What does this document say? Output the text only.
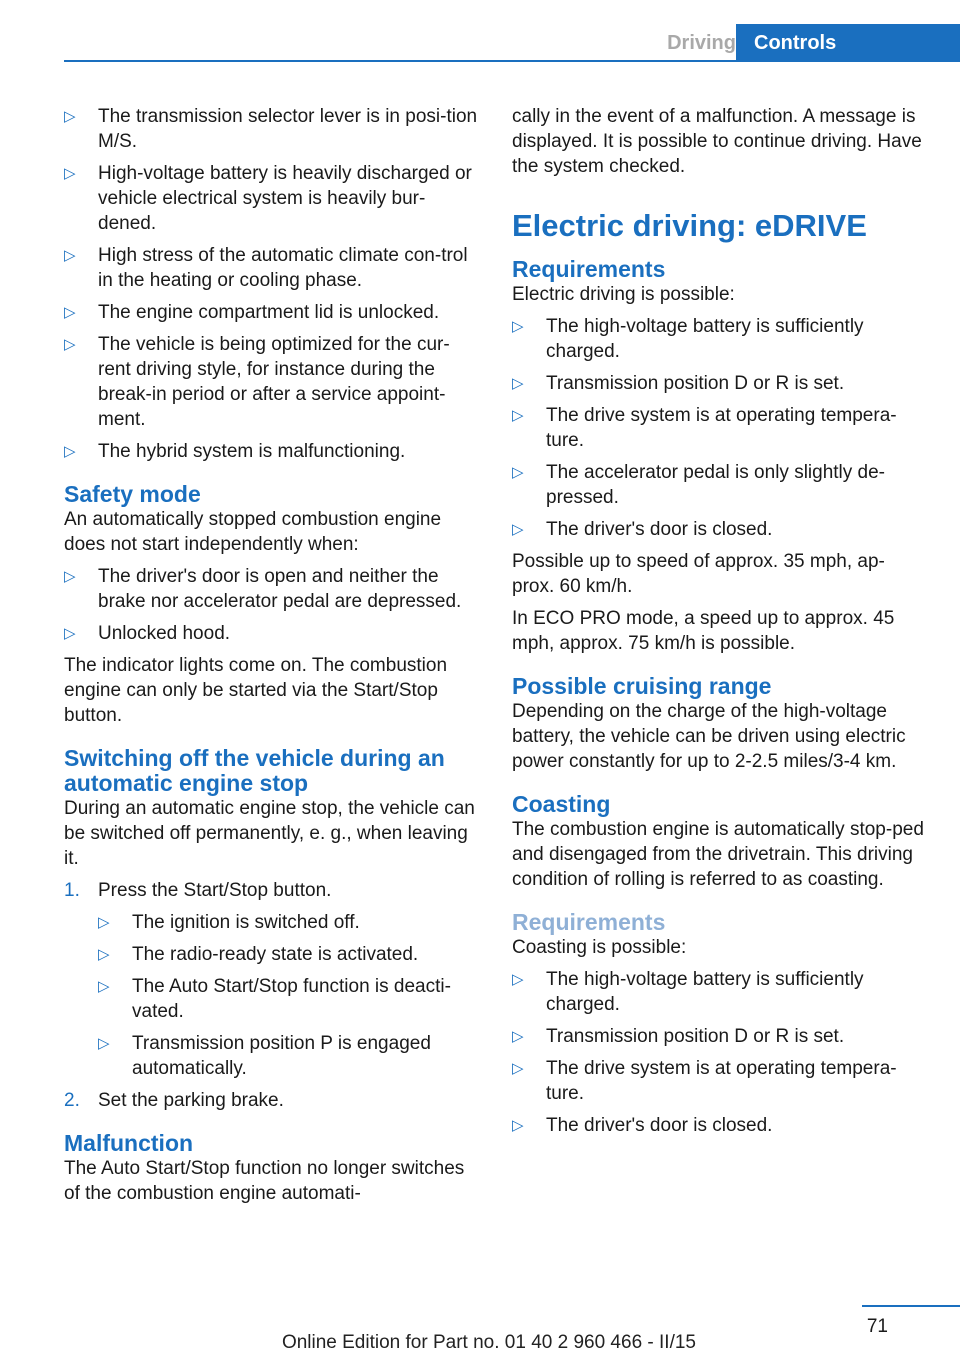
Driving Controls
▷ The transmission selector lever is in posi‐tion M/S.
▷ High-voltage battery is heavily discharged or vehicle electrical system is heavily bur‐dened.
▷ High stress of the automatic climate con‐trol in the heating or cooling phase.
▷ The engine compartment lid is unlocked.
▷ The vehicle is being optimized for the cur‐rent driving style, for instance during the break-in period or after a service appoint‐ment.
▷ The hybrid system is malfunctioning.
Safety mode

An automatically stopped combustion engine does not start independently when:

▷ The driver's door is open and neither the brake nor accelerator pedal are depressed.
▷ Unlocked hood.

The indicator lights come on. The combustion engine can only be started via the Start/Stop button.

Switching off the vehicle during an automatic engine stop

During an automatic engine stop, the vehicle can be switched off permanently, e. g., when leaving it.

1. Press the Start/Stop button.
▷ The ignition is switched off.
▷ The radio-ready state is activated.
▷ The Auto Start/Stop function is deacti‐vated.
▷ Transmission position P is engaged automatically.
2. Set the parking brake.
Malfunction

The Auto Start/Stop function no longer switches of the combustion engine automati‐

cally in the event of a malfunction. A message is displayed. It is possible to continue driving. Have the system checked.

Electric driving: eDRIVE
Requirements

Electric driving is possible:

▷ The high-voltage battery is sufficiently charged.
▷ Transmission position D or R is set.
▷ The drive system is at operating tempera‐ture.
▷ The accelerator pedal is only slightly de‐pressed.
▷ The driver's door is closed.

Possible up to speed of approx. 35 mph, ap‐prox. 60 km/h.

In ECO PRO mode, a speed up to approx. 45 mph, approx. 75 km/h is possible.

Possible cruising range

Depending on the charge of the high-voltage battery, the vehicle can be driven using electric power constantly for up to 2-2.5 miles/3-4 km.

Coasting

The combustion engine is automatically stop‐ped and disengaged from the drivetrain. This driving condition of rolling is referred to as coasting.

Requirements

Coasting is possible:

▷ The high-voltage battery is sufficiently charged.
▷ Transmission position D or R is set.
▷ The drive system is at operating tempera‐ture.
▷ The driver's door is closed.
71
Online Edition for Part no. 01 40 2 960 466 - II/15
